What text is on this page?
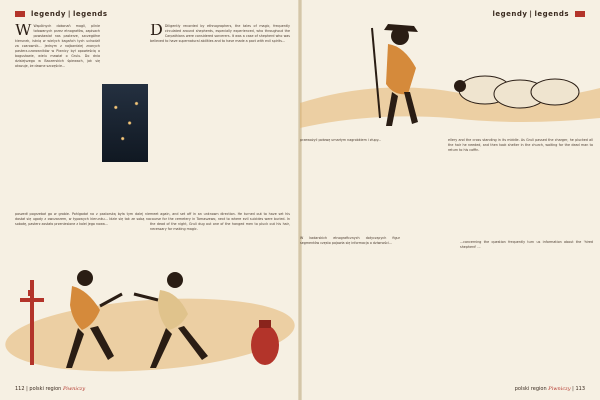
legendy | legends
W Wspólnych dokonań mogli, pilnie tołowanych przez etnografów, zapisach powstawiał nas pasterze, szczegółne kierunek, istnią w wielych kagańch tych uchodził za czarownik... Jednym z najbardziej znanych pasterz-czarowników w Piwnicy był opowieścią o bogusławie, wielu mawiał o Grulu. Do dnia dzisiejszego w Baczerskich śpiewach, jak się okazuje, że dawne szczęście...
D Diligently recorded by ethnographers, the tales of magic, frequently circulated around shepherds, especially experienced, who throughout the Carpathians were considered sorcerers. It was a case of shepherd who was believed to have supernatural abilities and to have made a pact with evil spirits...
poszedł pogrzebał go w grobie. Pohlgadał na z pastorską była tym dalej nie dostał się ugody z owczarzem, w typowych kierunku... Idzie się tak ze sobą na sobotę, pasterz zostało przeniesione z kolei jego nowa...
meet again, and set off in an unknown direction. He turned out to have set his course for the cemetery in Tomaszewo, next to where evil suicides were buried. In the dead of the night, Gruli dug out one of the hanged men to pluck out his hair, necessary for making magic.
112 | polski region Piwniczy
legendy | legends
przewożyć połowę umarłym nagrobkiem i złupy...	ellery and the cross standing in its middle. As Gruli passed the charger, he plucked all the hair he needed, and then took shelter in the church, waiting for the dead man to return to his coffin.
W kadarskich etnograficznych dotyczących figur segmentów często pojawia się informacja o dziwności...	...concerning the question frequently turn us information about the 'hired shepherd' ...
polski region Piwniczy | 113
